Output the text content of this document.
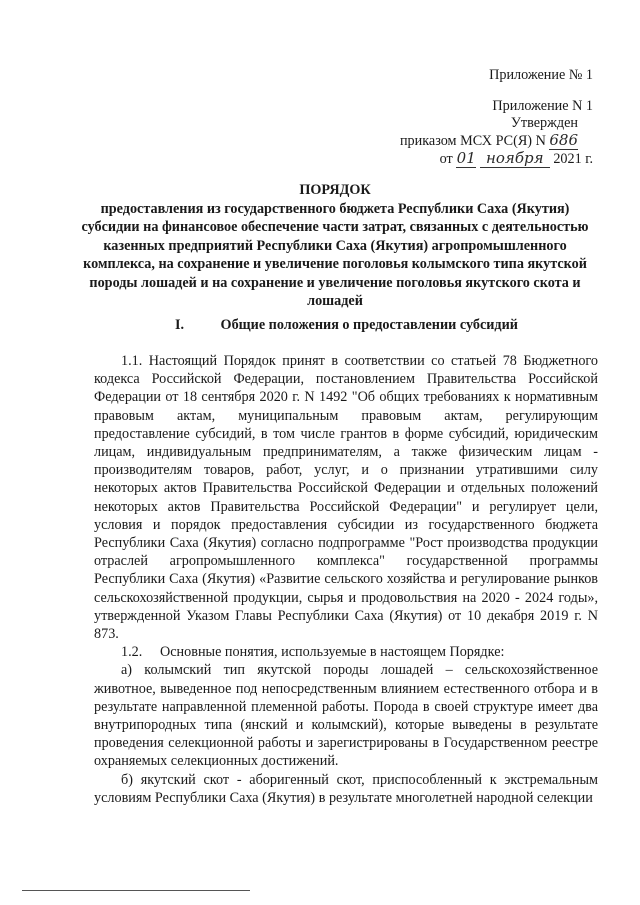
Приложение № 1
Приложение N 1
Утвержден
приказом МСХ РС(Я) N 686
от 01 ноября 2021 г.
ПОРЯДОК
предоставления из государственного бюджета Республики Саха (Якутия) субсидии на финансовое обеспечение части затрат, связанных с деятельностью казенных предприятий Республики Саха (Якутия) агропромышленного комплекса, на сохранение и увеличение поголовья колымского типа якутской породы лошадей и на сохранение и увеличение поголовья якутского скота и лошадей
I.	Общие положения о предоставлении субсидий

1.1. Настоящий Порядок принят в соответствии со статьей 78 Бюджетного кодекса Российской Федерации, постановлением Правительства Российской Федерации от 18 сентября 2020 г. N 1492 "Об общих требованиях к нормативным правовым актам, муниципальным правовым актам, регулирующим предоставление субсидий, в том числе грантов в форме субсидий, юридическим лицам, индивидуальным предпринимателям, а также физическим лицам - производителям товаров, работ, услуг, и о признании утратившими силу некоторых актов Правительства Российской Федерации и отдельных положений некоторых актов Правительства Российской Федерации" и регулирует цели, условия и порядок предоставления субсидии из государственного бюджета Республики Саха (Якутия) согласно подпрограмме "Рост производства продукции отраслей агропромышленного комплекса" государственной программы Республики Саха (Якутия) «Развитие сельского хозяйства и регулирование рынков сельскохозяйственной продукции, сырья и продовольствия на 2020 - 2024 годы», утвержденной Указом Главы Республики Саха (Якутия) от 10 декабря 2019 г. N 873.

1.2.     Основные понятия, используемые в настоящем Порядке:

а) колымский тип якутской породы лошадей – сельскохозяйственное животное, выведенное под непосредственным влиянием естественного отбора и в результате направленной племенной работы. Порода в своей структуре имеет два внутрипородных типа (янский и колымский), которые выведены в результате проведения селекционной работы и зарегистрированы в Государственном реестре охраняемых селекционных достижений.

б) якутский скот - аборигенный скот, приспособленный к экстремальным условиям Республики Саха (Якутия) в результате многолетней народной селекции
